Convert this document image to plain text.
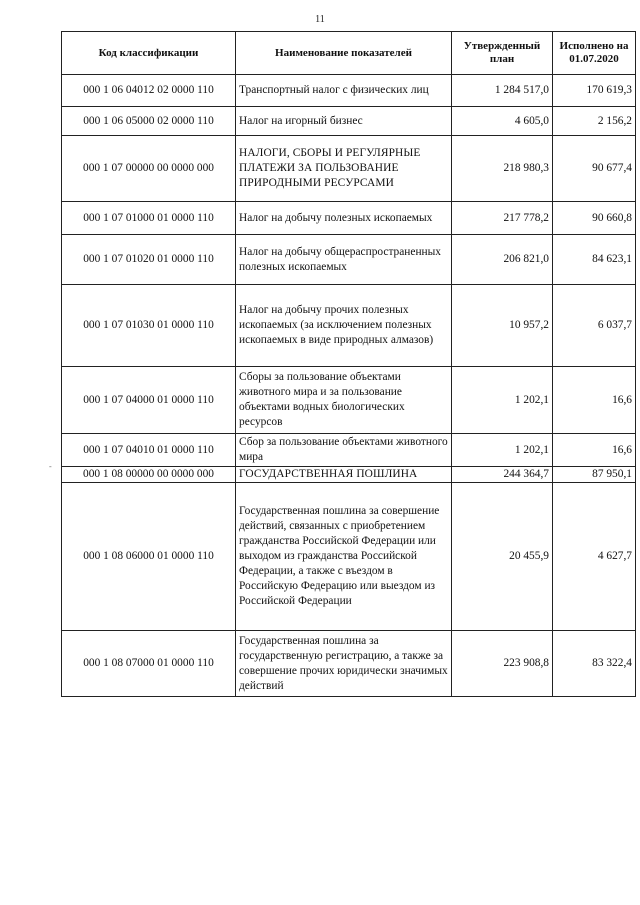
11
Код классификации	Наименование показателей	Утвержденный план	Исполнено на 01.07.2020
000 1 06 04012 02 0000 110	Транспортный налог с физических лиц	1 284 517,0	170 619,3
000 1 06 05000 02 0000 110	Налог на игорный бизнес	4 605,0	2 156,2
000 1 07 00000 00 0000 000	НАЛОГИ, СБОРЫ И РЕГУЛЯРНЫЕ ПЛАТЕЖИ ЗА ПОЛЬЗОВАНИЕ ПРИРОДНЫМИ РЕСУРСАМИ	218 980,3	90 677,4
000 1 07 01000 01 0000 110	Налог на добычу полезных ископаемых	217 778,2	90 660,8
000 1 07 01020 01 0000 110	Налог на добычу общераспространенных полезных ископаемых	206 821,0	84 623,1
000 1 07 01030 01 0000 110	Налог на добычу прочих полезных ископаемых (за исключением полезных ископаемых в виде природных алмазов)	10 957,2	6 037,7
000 1 07 04000 01 0000 110	Сборы за пользование объектами животного мира и за пользование объектами водных биологических ресурсов	1 202,1	16,6
000 1 07 04010 01 0000 110	Сбор за пользование объектами животного мира	1 202,1	16,6
000 1 08 00000 00 0000 000	ГОСУДАРСТВЕННАЯ ПОШЛИНА	244 364,7	87 950,1
000 1 08 06000 01 0000 110	Государственная пошлина за совершение действий, связанных с приобретением гражданства Российской Федерации или выходом из гражданства Российской Федерации, а также с въездом в Российскую Федерацию или выездом из Российской Федерации	20 455,9	4 627,7
000 1 08 07000 01 0000 110	Государственная пошлина за государственную регистрацию, а также за совершение прочих юридически значимых действий	223 908,8	83 322,4
-
